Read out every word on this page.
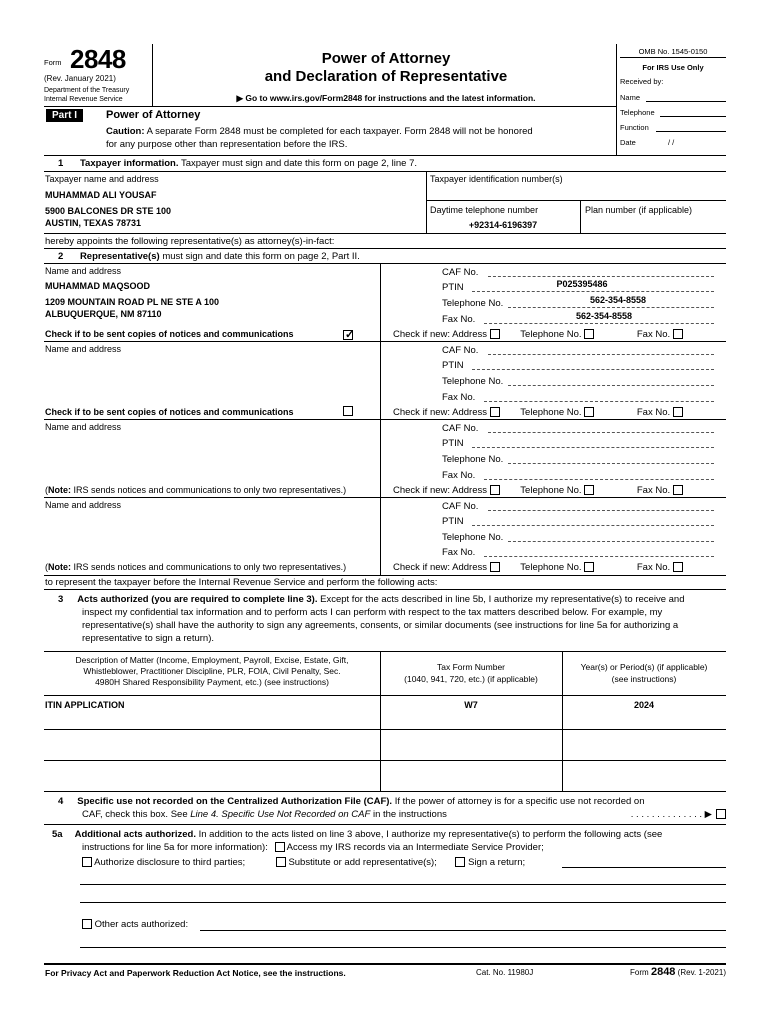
Form 2848
(Rev. January 2021)
Department of the Treasury
Internal Revenue Service
Power of Attorney
and Declaration of Representative
▶ Go to www.irs.gov/Form2848 for instructions and the latest information.
OMB No. 1545-0150
For IRS Use Only
Received by:
Name
Telephone
Function
Date	/ /
Part I	Power of Attorney
Caution: A separate Form 2848 must be completed for each taxpayer. Form 2848 will not be honored
for any purpose other than representation before the IRS.
1 Taxpayer information. Taxpayer must sign and date this form on page 2, line 7.
Taxpayer name and address
MUHAMMAD ALI YOUSAF
5900 BALCONES DR STE 100
AUSTIN, TEXAS 78731
Taxpayer identification number(s)
Daytime telephone number
+92314-6196397
Plan number (if applicable)
hereby appoints the following representative(s) as attorney(s)-in-fact:
2 Representative(s) must sign and date this form on page 2, Part II.
Name and address
MUHAMMAD MAQSOOD
1209 MOUNTAIN ROAD PL NE STE A 100
ALBUQUERQUE, NM 87110
CAF No.
PTIN	P025395486
Telephone No.	562-354-8558
Fax No.	562-354-8558
Check if to be sent copies of notices and communications
✓	Check if new: Address	Telephone No.	Fax No.
Name and address	CAF No.
PTIN
Telephone No.
Fax No.
Check if to be sent copies of notices and communications	Check if new: Address	Telephone No.	Fax No.
Name and address	CAF No.
PTIN
Telephone No.
Fax No.
(Note: IRS sends notices and communications to only two representatives.)	Check if new: Address	Telephone No.	Fax No.
Name and address	CAF No.
PTIN
Telephone No.
Fax No.
(Note: IRS sends notices and communications to only two representatives.)	Check if new: Address	Telephone No.	Fax No.
to represent the taxpayer before the Internal Revenue Service and perform the following acts:
3 Acts authorized (you are required to complete line 3). Except for the acts described in line 5b, I authorize my representative(s) to receive and
inspect my confidential tax information and to perform acts I can perform with respect to the tax matters described below. For example, my
representative(s) shall have the authority to sign any agreements, consents, or similar documents (see instructions for line 5a for authorizing a
representative to sign a return).
Description of Matter (Income, Employment, Payroll, Excise, Estate, Gift,
Whistleblower, Practitioner Discipline, PLR, FOIA, Civil Penalty, Sec.
4980H Shared Responsibility Payment, etc.) (see instructions)
Tax Form Number
(1040, 941, 720, etc.) (if applicable)
Year(s) or Period(s) (if applicable)
(see instructions)
ITIN APPLICATION	W7	2024
4 Specific use not recorded on the Centralized Authorization File (CAF). If the power of attorney is for a specific use not recorded on
CAF, check this box. See Line 4. Specific Use Not Recorded on CAF in the instructions	. . . . . . . . . . . . . . ▶
5a Additional acts authorized. In addition to the acts listed on line 3 above, I authorize my representative(s) to perform the following acts (see
instructions for line 5a for more information): Access my IRS records via an Intermediate Service Provider;
Authorize disclosure to third parties;	Substitute or add representative(s);	Sign a return;
Other acts authorized:
For Privacy Act and Paperwork Reduction Act Notice, see the instructions.	Cat. No. 11980J	Form 2848 (Rev. 1-2021)
